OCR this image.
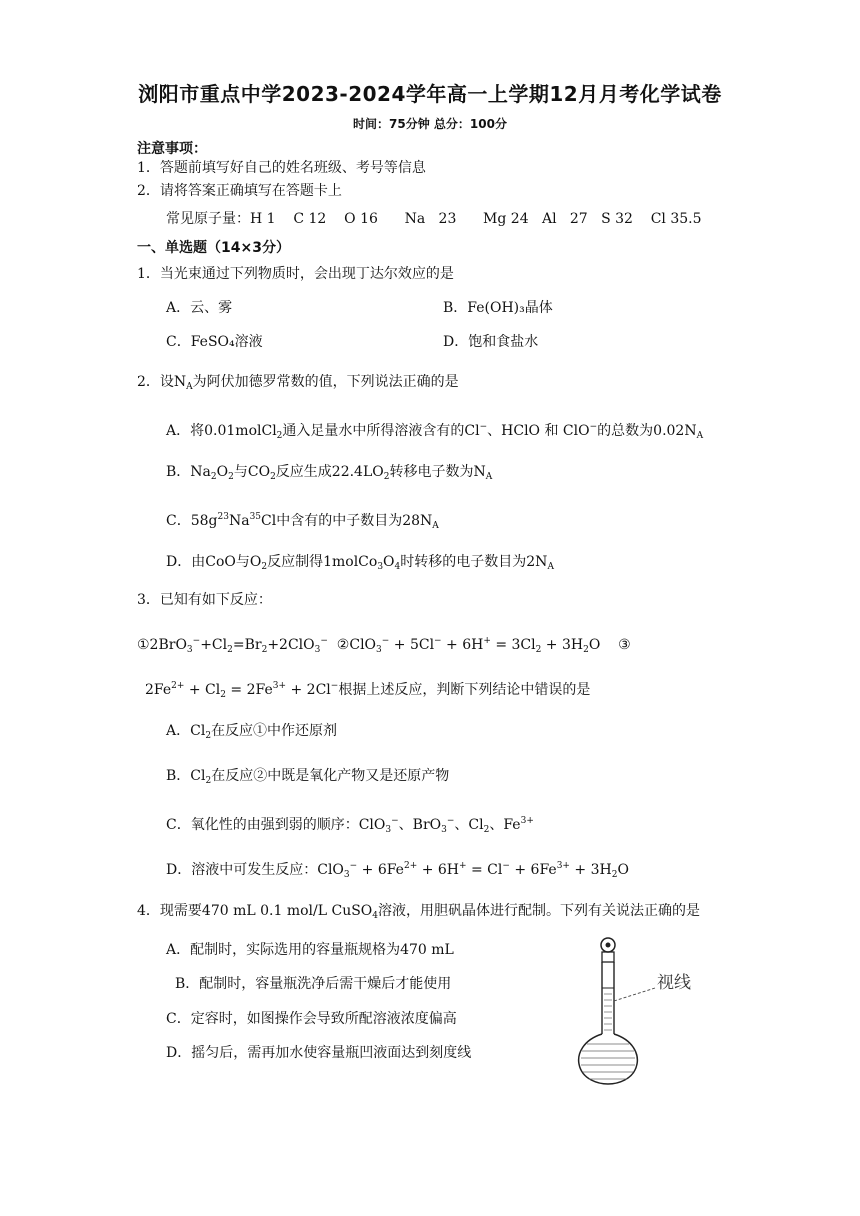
浏阳市重点中学2023-2024学年高一上学期12月月考化学试卷
时间：75分钟 总分：100分
注意事项：
1．答题前填写好自己的姓名班级、考号等信息
2．请将答案正确填写在答题卡上
常见原子量：H 1    C 12    O 16      Na   23      Mg 24   Al   27   S 32    Cl 35.5
一、单选题（14×3分）
1．当光束通过下列物质时，会出现丁达尔效应的是
A．云、雾	B．Fe(OH)₃晶体
C．FeSO₄溶液	D．饱和食盐水
2．设$N_A$为阿伏加德罗常数的值，下列说法正确的是
A．将0.01molCl$_2$通入足量水中所得溶液含有的Cl−、HClO 和 ClO−的总数为$0.02N_A$
B．$Na_2O_2$与$CO_2$反应生成$22.4LO_2$转移电子数为$N_A$
C．$58g^{23}Na^{35}Cl$中含有的中子数目为$28N_A$
D．由CoO与$O_2$反应制得$1molCo_3O_4$时转移的电子数目为$2N_A$
3．已知有如下反应：
$①2BrO_3^-+Cl_2=Br_2+2ClO_3^-$  ②ClO$_3$− + $5Cl^- + 6H^+ = 3Cl_2 + 3H_2O$    ③
$2Fe^{2+} + Cl_2 = 2Fe^{3+} + 2Cl^-$根据上述反应，判断下列结论中错误的是
A．$Cl_2$在反应①中作还原剂
B．$Cl_2$在反应②中既是氧化产物又是还原产物
C．氧化性的由强到弱的顺序：ClO$_3$−、BrO$_3$−、$Cl_2$、$Fe^{3+}$
D．溶液中可发生反应：$ClO_3^- + 6Fe^{2+} + 6H^+ = Cl^- + 6Fe^{3+} + 3H_2O$
4．现需要470 mL 0.1 mol/L CuSO$_4$溶液，用胆矾晶体进行配制。下列有关说法正确的是
A．配制时，实际选用的容量瓶规格为470 mL
B．配制时，容量瓶洗净后需干燥后才能使用
C．定容时，如图操作会导致所配溶液浓度偏高
D．摇匀后，需再加水使容量瓶凹液面达到刻度线
视线
